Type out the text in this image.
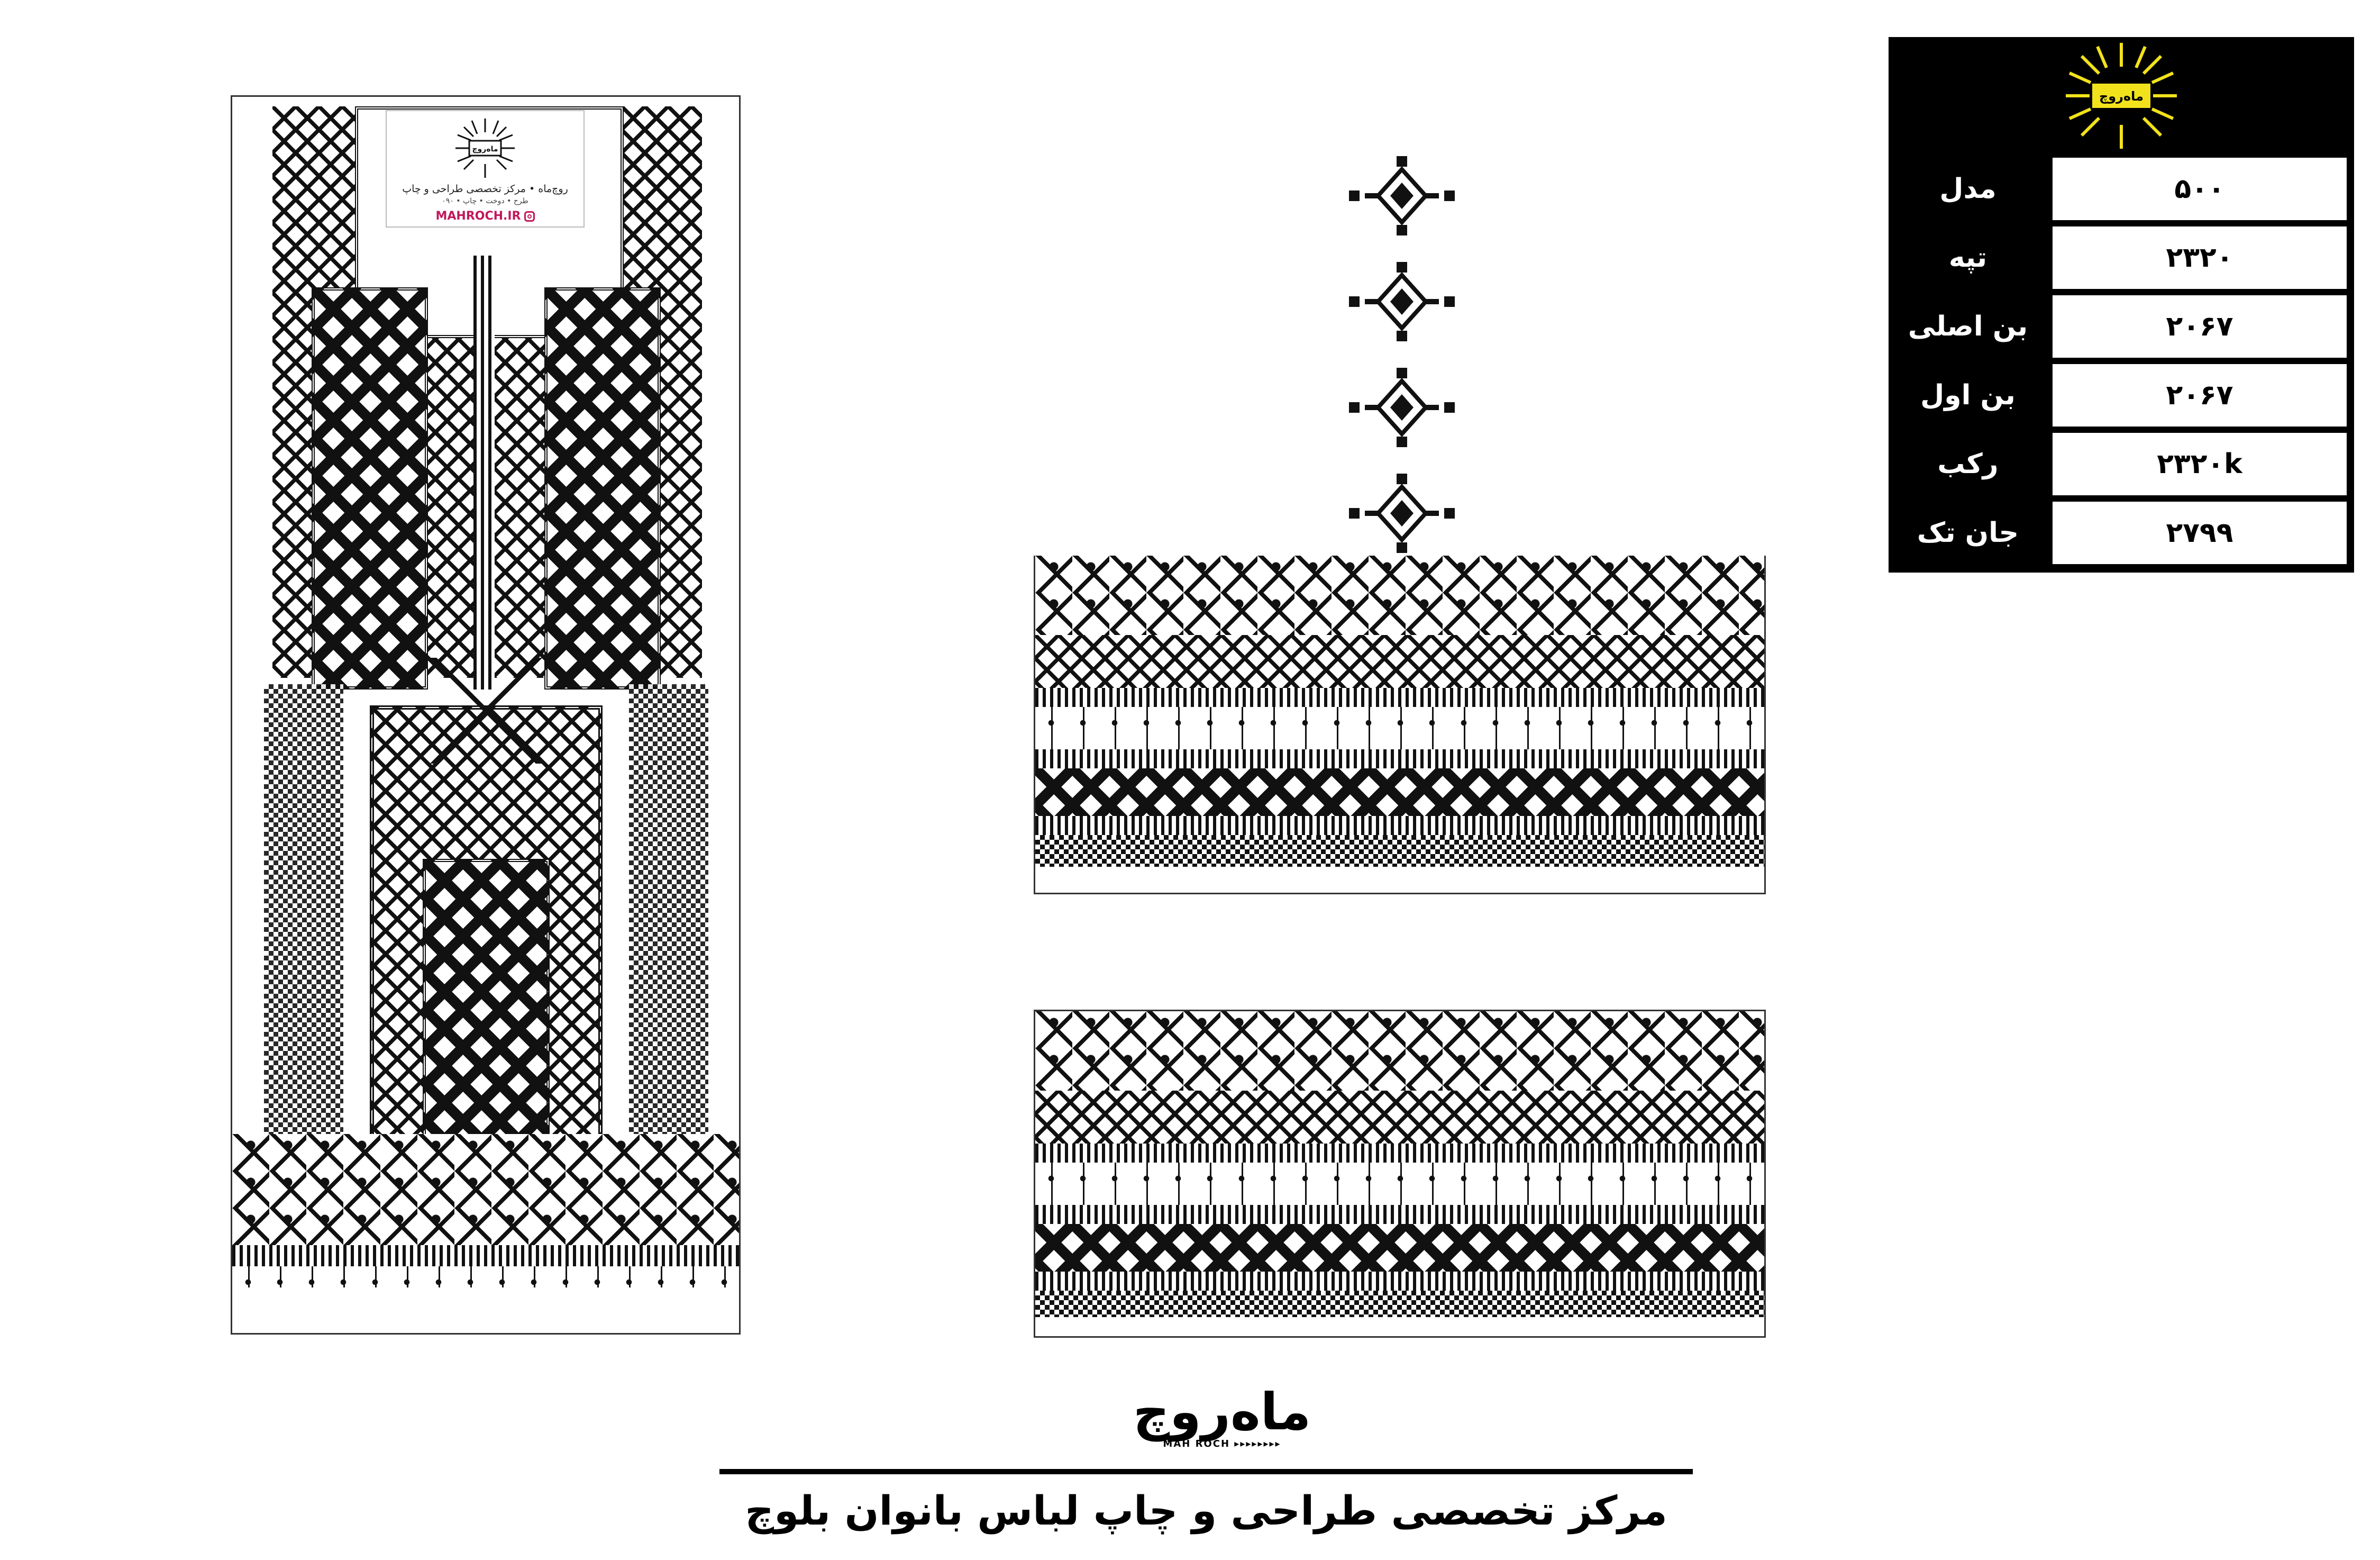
ماه‌روچ
روچ‌ماه • مرکز تخصصی طراحی و چاپ
۰۹۰ • طرح • دوخت • چاپ
MAHROCH.IR
ماه‌روچ
مدل	۵۰۰
تپه	۲۳۲۰
بن اصلی	۲۰۶۷
بن اول	۲۰۶۷
رکب	۲۳۲۰k
جان تک	۲۷۹۹
ماه‌روچ
MAH ROCH ▸▸▸▸▸▸▸▸
مرکز تخصصی طراحی و چاپ لباس بانوان بلوچ
